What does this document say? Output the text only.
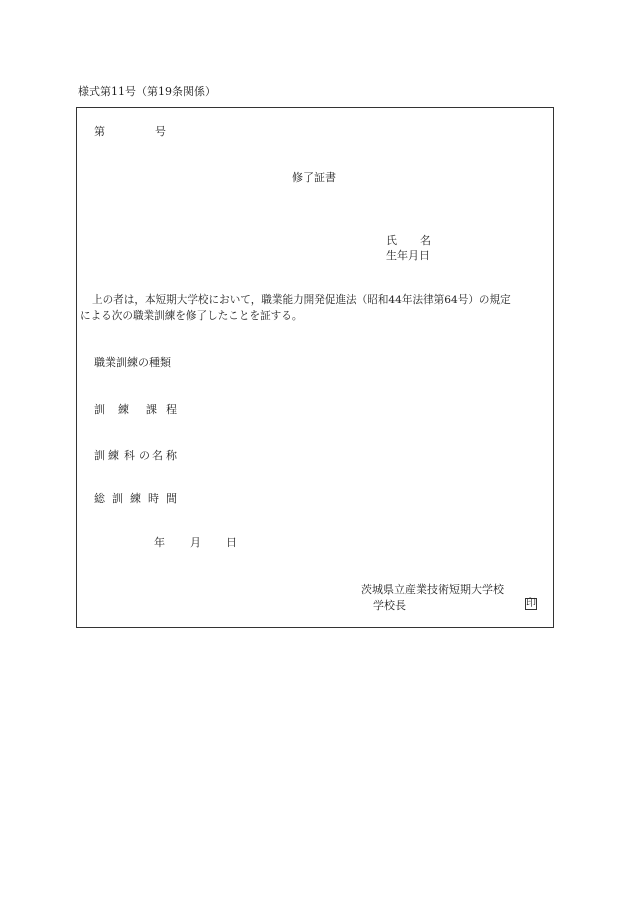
様式第11号（第19条関係）
第	号
修了証書
氏 名
生年月日
上の者は，本短期大学校において，職業能力開発促進法（昭和44年法律第64号）の規定
による次の職業訓練を修了したことを証する。
職業訓練の種類
訓 練 課 程
訓 練 科 の 名 称
総 訓 練 時 間
年 月 日
茨城県立産業技術短期大学校
学校長	印
